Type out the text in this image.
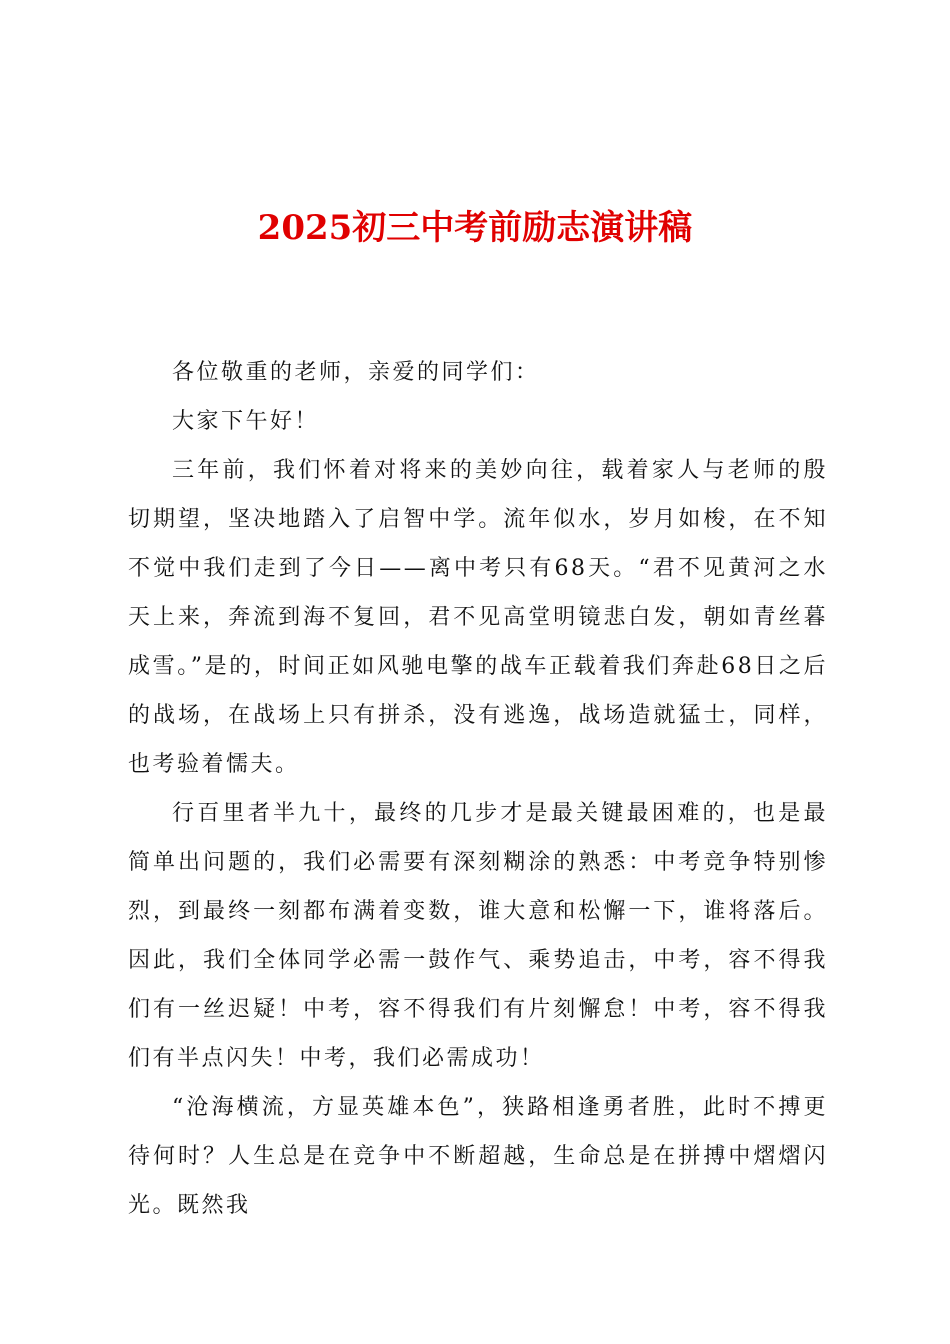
2025初三中考前励志演讲稿

各位敬重的老师，亲爱的同学们：

大家下午好！

三年前，我们怀着对将来的美妙向往，载着家人与老师的殷切期望，坚决地踏入了启智中学。流年似水，岁月如梭，在不知不觉中我们走到了今日——离中考只有68天。“君不见黄河之水天上来，奔流到海不复回，君不见高堂明镜悲白发，朝如青丝暮成雪。”是的，时间正如风驰电擎的战车正载着我们奔赴68日之后的战场，在战场上只有拼杀，没有逃逸，战场造就猛士，同样，也考验着懦夫。

行百里者半九十，最终的几步才是最关键最困难的，也是最简单出问题的，我们必需要有深刻糊涂的熟悉：中考竞争特别惨烈，到最终一刻都布满着变数，谁大意和松懈一下，谁将落后。因此，我们全体同学必需一鼓作气、乘势追击，中考，容不得我们有一丝迟疑！中考，容不得我们有片刻懈怠！中考，容不得我们有半点闪失！中考，我们必需成功！

“沧海横流，方显英雄本色”，狭路相逢勇者胜，此时不搏更待何时？人生总是在竞争中不断超越，生命总是在拼搏中熠熠闪光。既然我
